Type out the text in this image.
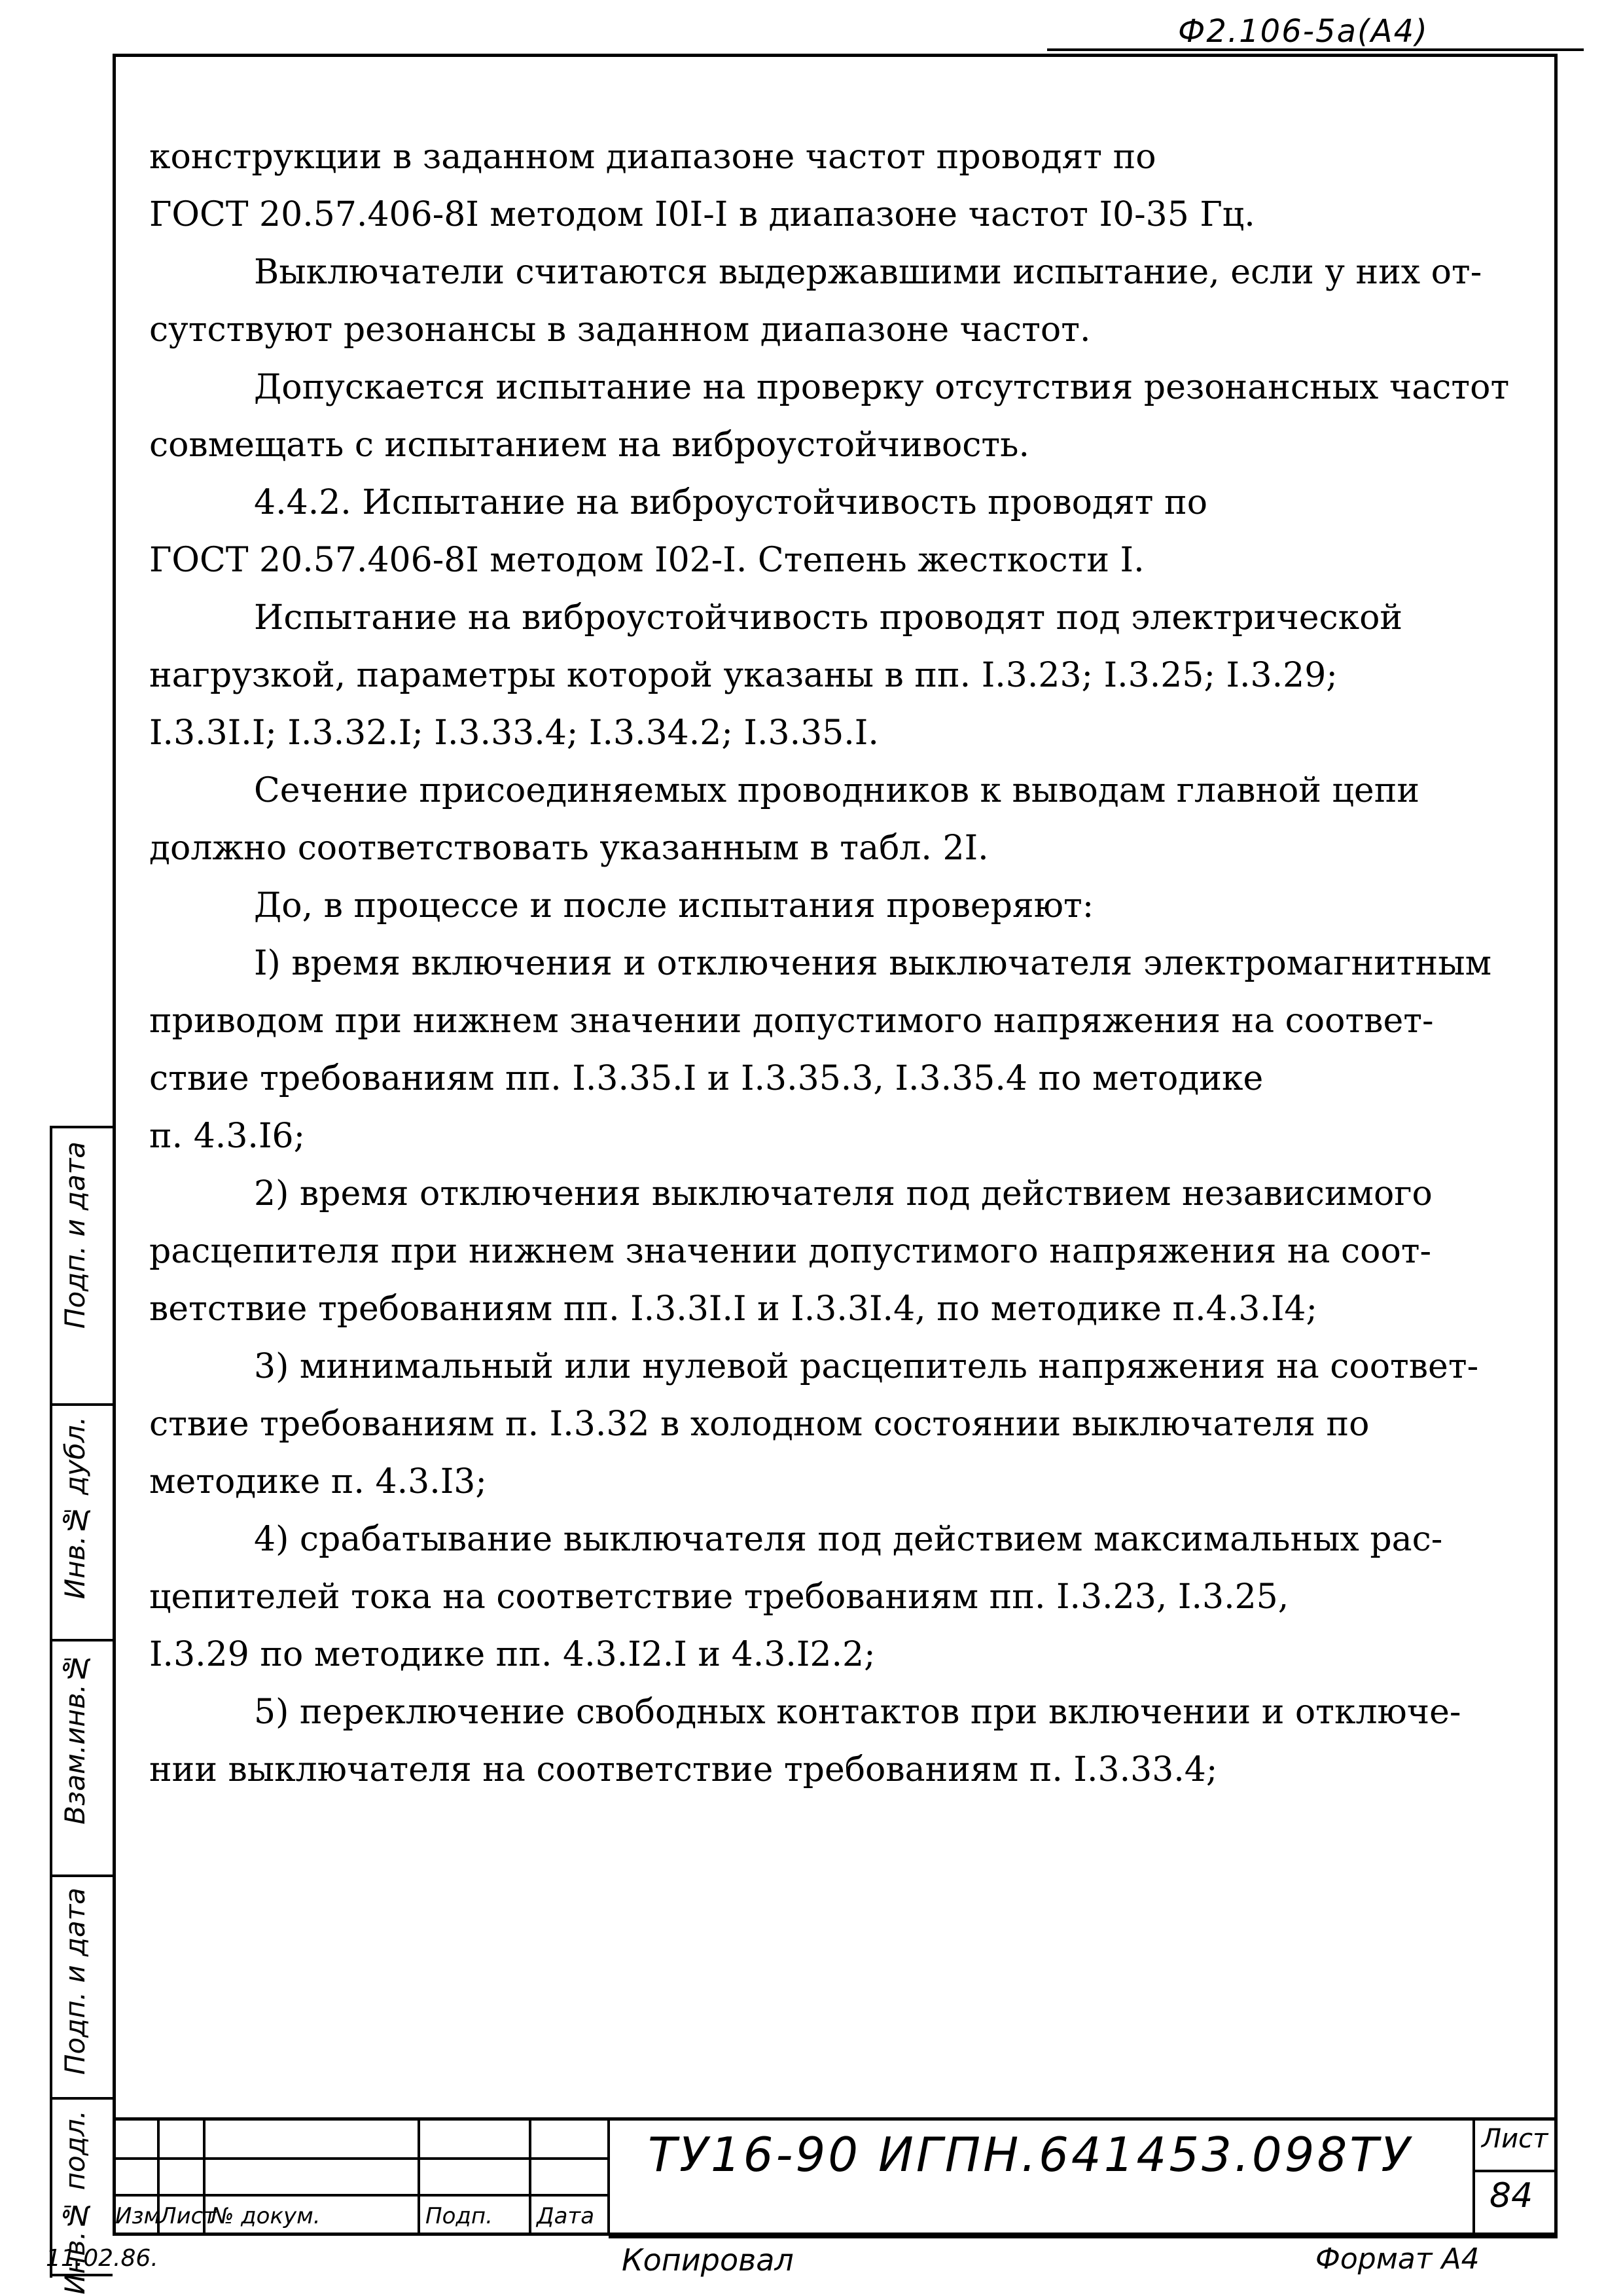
Ф2.106-5а(А4)
конструкции в заданном диапазоне частот проводят по
ГОСТ 20.57.406-8I методом I0I-I в диапазоне частот I0-35 Гц.
Выключатели считаются выдержавшими испытание, если у них от-
сутствуют резонансы в заданном диапазоне частот.
Допускается испытание на проверку отсутствия резонансных частот
совмещать с испытанием на виброустойчивость.
4.4.2. Испытание на виброустойчивость проводят по
ГОСТ 20.57.406-8I методом I02-I. Степень жесткости I.
Испытание на виброустойчивость проводят под электрической
нагрузкой, параметры которой указаны в пп. I.3.23; I.3.25; I.3.29;
I.3.3I.I; I.3.32.I; I.3.33.4; I.3.34.2; I.3.35.I.
Сечение присоединяемых проводников к выводам главной цепи
должно соответствовать указанным в табл. 2I.
До, в процессе и после испытания проверяют:
I) время включения и отключения выключателя электромагнитным
приводом при нижнем значении допустимого напряжения на соответ-
ствие требованиям пп. I.3.35.I и I.3.35.3, I.3.35.4 по методике
п. 4.3.I6;
2) время отключения выключателя под действием независимого
расцепителя при нижнем значении допустимого напряжения на соот-
ветствие требованиям пп. I.3.3I.I и I.3.3I.4, по методике п.4.3.I4;
3) минимальный или нулевой расцепитель напряжения на соответ-
ствие требованиям п. I.3.32 в холодном состоянии выключателя по
методике п. 4.3.I3;
4) срабатывание выключателя под действием максимальных рас-
цепителей тока на соответствие требованиям пп. I.3.23, I.3.25,
I.3.29 по методике пп. 4.3.I2.I и 4.3.I2.2;
5) переключение свободных контактов при включении и отключе-
нии выключателя на соответствие требованиям п. I.3.33.4;
Подп. и дата
Инв.№ дубл.
Взам.инв.№
Подп. и дата
Инв.№ подл. Изм
Лист
№ докум.	Подп. Дата
ТУ16-90 ИГПН.641453.098ТУ	Лист
84
11.02.86.	Копировал	Формат А4
